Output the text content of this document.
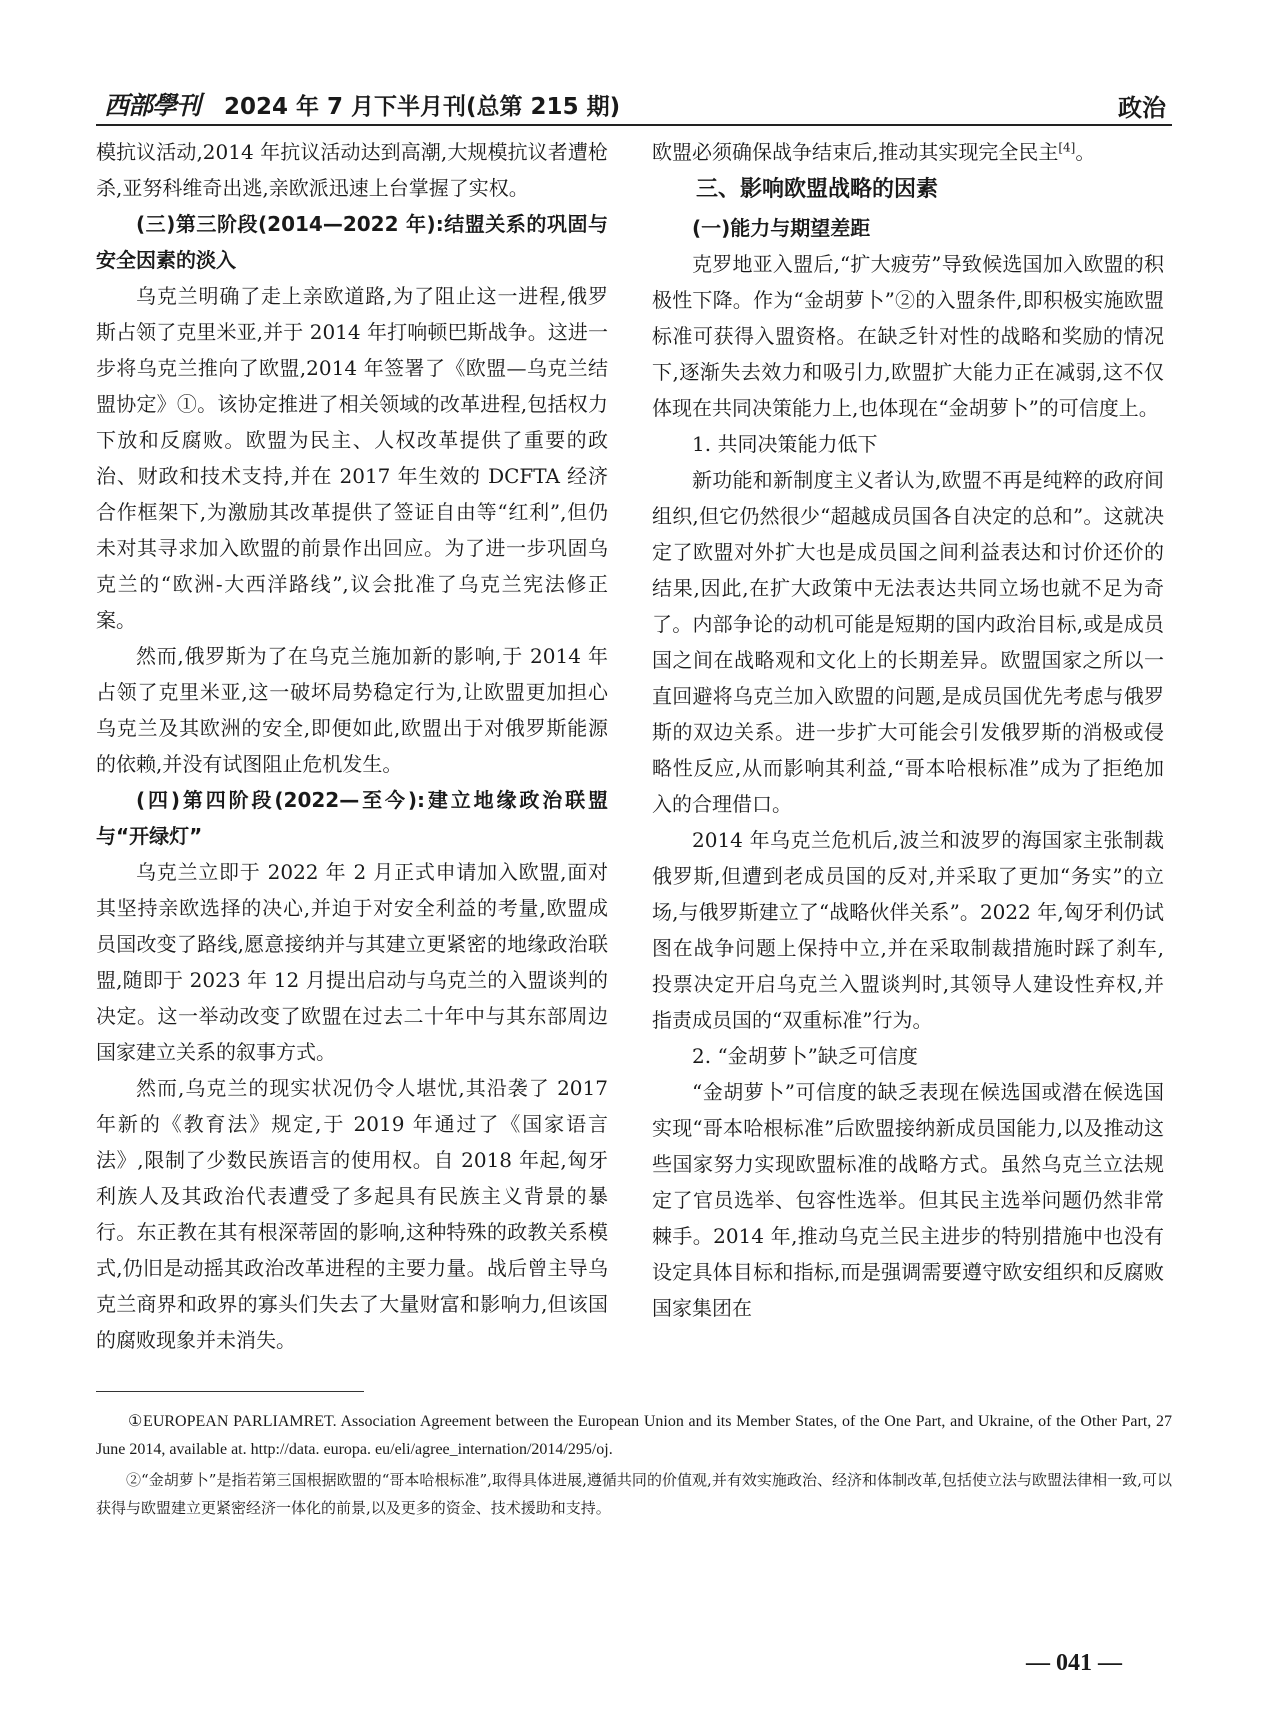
西部學刊 2024 年 7 月下半月刊(总第 215 期)	政治

模抗议活动,2014 年抗议活动达到高潮,大规模抗议者遭枪杀,亚努科维奇出逃,亲欧派迅速上台掌握了实权。

(三)第三阶段(2014—2022 年):结盟关系的巩固与安全因素的淡入

乌克兰明确了走上亲欧道路,为了阻止这一进程,俄罗斯占领了克里米亚,并于 2014 年打响顿巴斯战争。这进一步将乌克兰推向了欧盟,2014 年签署了《欧盟—乌克兰结盟协定》①。该协定推进了相关领域的改革进程,包括权力下放和反腐败。欧盟为民主、人权改革提供了重要的政治、财政和技术支持,并在 2017 年生效的 DCFTA 经济合作框架下,为激励其改革提供了签证自由等“红利”,但仍未对其寻求加入欧盟的前景作出回应。为了进一步巩固乌克兰的“欧洲-大西洋路线”,议会批准了乌克兰宪法修正案。

然而,俄罗斯为了在乌克兰施加新的影响,于 2014 年占领了克里米亚,这一破坏局势稳定行为,让欧盟更加担心乌克兰及其欧洲的安全,即便如此,欧盟出于对俄罗斯能源的依赖,并没有试图阻止危机发生。

(四)第四阶段(2022—至今):建立地缘政治联盟与“开绿灯”

乌克兰立即于 2022 年 2 月正式申请加入欧盟,面对其坚持亲欧选择的决心,并迫于对安全利益的考量,欧盟成员国改变了路线,愿意接纳并与其建立更紧密的地缘政治联盟,随即于 2023 年 12 月提出启动与乌克兰的入盟谈判的决定。这一举动改变了欧盟在过去二十年中与其东部周边国家建立关系的叙事方式。

然而,乌克兰的现实状况仍令人堪忧,其沿袭了 2017 年新的《教育法》规定,于 2019 年通过了《国家语言法》,限制了少数民族语言的使用权。自 2018 年起,匈牙利族人及其政治代表遭受了多起具有民族主义背景的暴行。东正教在其有根深蒂固的影响,这种特殊的政教关系模式,仍旧是动摇其政治改革进程的主要力量。战后曾主导乌克兰商界和政界的寡头们失去了大量财富和影响力,但该国的腐败现象并未消失。

欧盟必须确保战争结束后,推动其实现完全民主[4]。

三、影响欧盟战略的因素
(一)能力与期望差距

克罗地亚入盟后,“扩大疲劳”导致候选国加入欧盟的积极性下降。作为“金胡萝卜”②的入盟条件,即积极实施欧盟标准可获得入盟资格。在缺乏针对性的战略和奖励的情况下,逐渐失去效力和吸引力,欧盟扩大能力正在减弱,这不仅体现在共同决策能力上,也体现在“金胡萝卜”的可信度上。

1. 共同决策能力低下

新功能和新制度主义者认为,欧盟不再是纯粹的政府间组织,但它仍然很少“超越成员国各自决定的总和”。这就决定了欧盟对外扩大也是成员国之间利益表达和讨价还价的结果,因此,在扩大政策中无法表达共同立场也就不足为奇了。内部争论的动机可能是短期的国内政治目标,或是成员国之间在战略观和文化上的长期差异。欧盟国家之所以一直回避将乌克兰加入欧盟的问题,是成员国优先考虑与俄罗斯的双边关系。进一步扩大可能会引发俄罗斯的消极或侵略性反应,从而影响其利益,“哥本哈根标准”成为了拒绝加入的合理借口。

2014 年乌克兰危机后,波兰和波罗的海国家主张制裁俄罗斯,但遭到老成员国的反对,并采取了更加“务实”的立场,与俄罗斯建立了“战略伙伴关系”。2022 年,匈牙利仍试图在战争问题上保持中立,并在采取制裁措施时踩了刹车,投票决定开启乌克兰入盟谈判时,其领导人建设性弃权,并指责成员国的“双重标准”行为。

2. “金胡萝卜”缺乏可信度

“金胡萝卜”可信度的缺乏表现在候选国或潜在候选国实现“哥本哈根标准”后欧盟接纳新成员国能力,以及推动这些国家努力实现欧盟标准的战略方式。虽然乌克兰立法规定了官员选举、包容性选举。但其民主选举问题仍然非常棘手。2014 年,推动乌克兰民主进步的特别措施中也没有设定具体目标和指标,而是强调需要遵守欧安组织和反腐败国家集团在

①EUROPEAN PARLIAMRET. Association Agreement between the European Union and its Member States, of the One Part, and Ukraine, of the Other Part, 27 June 2014, available at. http://data. europa. eu/eli/agree_internation/2014/295/oj.

②“金胡萝卜”是指若第三国根据欧盟的“哥本哈根标准”,取得具体进展,遵循共同的价值观,并有效实施政治、经济和体制改革,包括使立法与欧盟法律相一致,可以获得与欧盟建立更紧密经济一体化的前景,以及更多的资金、技术援助和支持。

— 041 —
